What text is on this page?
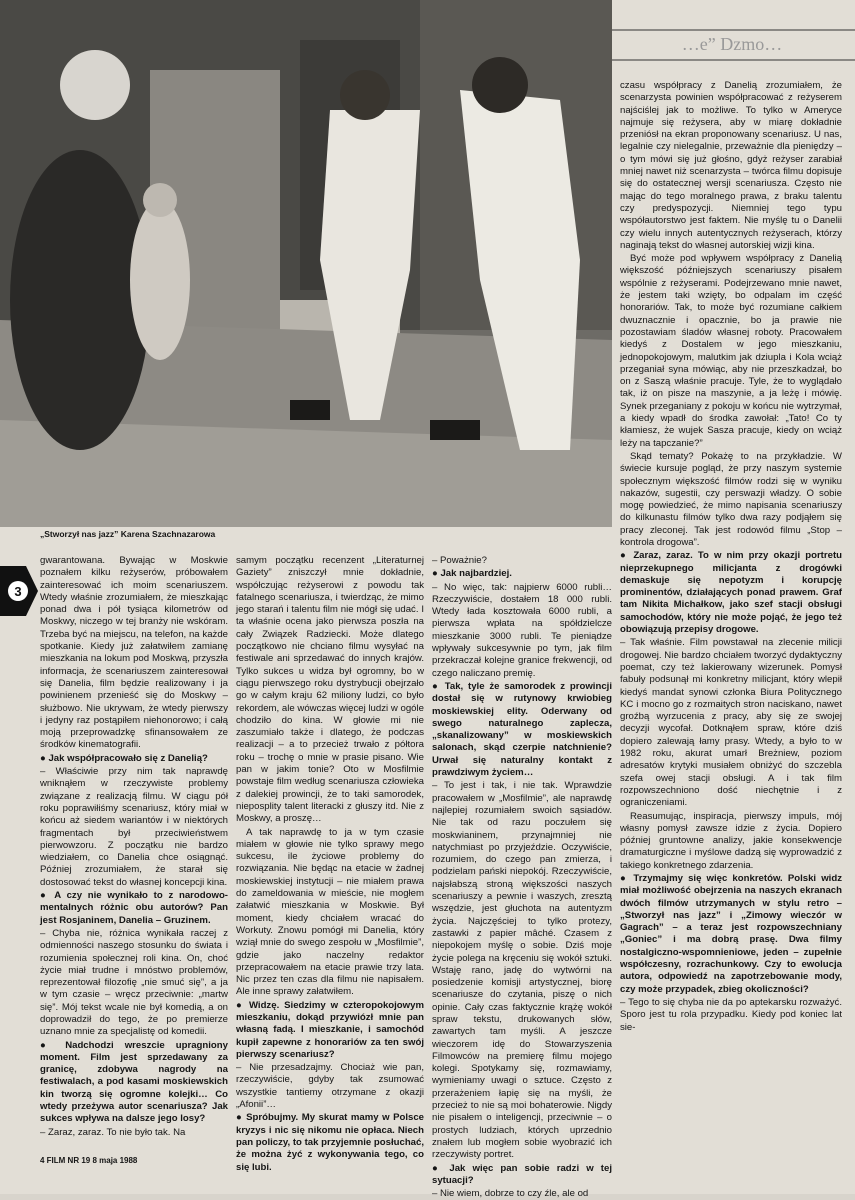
…e” Dzmo…
„Stworzył nas jazz” Karena Szachnazarowa
3

czasu współpracy z Danelią zrozumiałem, że scenarzysta powinien współpracować z reżyserem najściślej jak to możliwe. To tylko w Ameryce najmuje się reżysera, aby w miarę dokładnie przeniósł na ekran proponowany scenariusz. U nas, legalnie czy nielegalnie, przeważnie dla pieniędzy – o tym mówi się już głośno, gdyż reżyser zarabiał mniej nawet niż scenarzysta – twórca filmu dopisuje się do ostatecznej wersji scenariusza. Często nie mając do tego moralnego prawa, z braku talentu czy predyspozycji. Niemniej tego typu współautorstwo jest faktem. Nie myślę tu o Danelii czy wielu innych autentycznych reżyserach, którzy naginają tekst do własnej autorskiej wizji kina.

Być może pod wpływem współpracy z Danelią większość późniejszych scenariuszy pisałem wspólnie z reżyserami. Podejrzewano mnie nawet, że jestem taki wzięty, bo odpalam im część honorariów. Tak, to może być rozumiane całkiem dwuznacznie i opacznie, bo ja prawie nie pozostawiam śladów własnej roboty. Pracowałem kiedyś z Dostalem w jego mieszkaniu, jednopokojowym, malutkim jak dziupla i Kola wciąż przeganiał syna mówiąc, aby nie przeszkadzał, bo on z Saszą właśnie pracuje. Tyle, że to wyglądało tak, iż on pisze na maszynie, a ja leżę i mówię. Synek przeganiany z pokoju w końcu nie wytrzymał, a kiedy wpadł do środka zawołał: „Tato! Co ty kłamiesz, że wujek Sasza pracuje, kiedy on wciąż leży na tapczanie?”

Skąd tematy? Pokażę to na przykładzie. W świecie kursuje pogląd, że przy naszym systemie społecznym większość filmów rodzi się w wyniku nakazów, sugestii, czy perswazji władzy. O sobie mogę powiedzieć, że mimo napisania scenariuszy do kilkunastu filmów tylko dwa razy podjąłem się pracy zleconej. Tak jest rodowód filmu „Stop – kontrola drogowa”.

● Zaraz, zaraz. To w nim przy okazji portretu nieprzekupnego milicjanta z drogówki demaskuje się nepotyzm i korupcję prominentów, działających ponad prawem. Graf tam Nikita Michałkow, jako szef stacji obsługi samochodów, który nie może pojąć, że jego też obowiązują przepisy drogowe.

– Tak właśnie. Film powstawał na zlecenie milicji drogowej. Nie bardzo chciałem tworzyć dydaktyczny poemat, czy też lakierowany wizerunek. Pomysł fabuły podsunął mi konkretny milicjant, który wlepił kiedyś mandat synowi członka Biura Politycznego KC i mocno go z rozmaitych stron naciskano, nawet groźbą wyrzucenia z pracy, aby się ze swojej decyzji wycofał. Dotknąłem spraw, które dziś dopiero zalewają łamy prasy. Wtedy, a było to w 1982 roku, akurat umarł Breżniew, poziom adresatów krytyki musiałem obniżyć do szczebla szefa owej stacji obsługi. A i tak film rozpowszechniono dość niechętnie i z ograniczeniami.

Reasumując, inspiracja, pierwszy impuls, mój własny pomysł zawsze idzie z życia. Dopiero później gruntowne analizy, jakie konsekwencje dramaturgiczne i myślowe dadzą się wyprowadzić z takiego konkretnego zdarzenia.

● Trzymajmy się więc konkretów. Polski widz miał możliwość obejrzenia na naszych ekranach dwóch filmów utrzymanych w stylu retro – „Stworzył nas jazz” i „Zimowy wieczór w Gagrach” – a teraz jest rozpowszechniany „Goniec” i ma dobrą prasę. Dwa filmy nostalgiczno-wspomnieniowe, jeden – zupełnie współczesny, rozrachunkowy. Czy to ewolucja autora, odpowiedź na zapotrzebowanie mody, czy może przypadek, zbieg okoliczności?

– Tego to się chyba nie da po aptekarsku rozważyć. Sporo jest tu rola przypadku. Kiedy pod koniec lat sie-

gwarantowana. Bywając w Moskwie poznałem kilku reżyserów, próbowałem zainteresować ich moim scenariuszem. Wtedy właśnie zrozumiałem, że mieszkając ponad dwa i pół tysiąca kilometrów od Moskwy, niczego w tej branży nie wskóram. Trzeba być na miejscu, na telefon, na każde spotkanie. Kiedy już załatwiłem zamianę mieszkania na lokum pod Moskwą, przyszła informacja, że scenariuszem zainteresował się Danelia, film będzie realizowany i ja powinienem przenieść się do Moskwy – służbowo. Nie ukrywam, że wtedy pierwszy i jedyny raz postąpiłem niehonorowo; i całą moją przeprowadzkę sfinansowałem ze środków kinematografii.

● Jak współpracowało się z Danelią?

– Właściwie przy nim tak naprawdę wniknąłem w rzeczywiste problemy związane z realizacją filmu. W ciągu pół roku poprawiłiśmy scenariusz, który miał w końcu aż siedem wariantów i w niektórych fragmentach był przeciwieństwem pierwowzoru. Z początku nie bardzo wiedziałem, co Danelia chce osiągnąć. Później zrozumiałem, że starał się dostosować tekst do własnej koncepcji kina.

● A czy nie wynikało to z narodowo-mentalnych różnic obu autorów? Pan jest Rosjaninem, Danelia – Gruzinem.

– Chyba nie, różnica wynikała raczej z odmienności naszego stosunku do świata i rozumienia społecznej roli kina. On, choć życie miał trudne i mnóstwo problemów, reprezentował filozofię „nie smuć się”, a ja w tym czasie – wręcz przeciwnie: „martw się”. Mój tekst wcale nie był komedią, a on doprowadził do tego, że po premierze uznano mnie za specjalistę od komedii.

● Nadchodzi wreszcie upragniony moment. Film jest sprzedawany za granicę, zdobywa nagrody na festiwalach, a pod kasami moskiewskich kin tworzą się ogromne kolejki… Co wtedy przeżywa autor scenariusza? Jak sukces wpływa na dalsze jego losy?

– Zaraz, zaraz. To nie było tak. Na

samym początku recenzent „Literaturnej Gaziety” zniszczył mnie dokładnie, współczując reżyserowi z powodu tak fatalnego scenariusza, i twierdząc, że mimo jego starań i talentu film nie mógł się udać. I ta właśnie ocena jako pierwsza poszła na cały Związek Radziecki. Może dlatego początkowo nie chciano filmu wysyłać na festiwale ani sprzedawać do innych krajów. Tylko sukces u widza był ogromny, bo w ciągu pierwszego roku dystrybucji obejrzało go w całym kraju 62 miliony ludzi, co było rekordem, ale wówczas więcej ludzi w ogóle chodziło do kina. W głowie mi nie zaszumiało także i dlatego, że podczas realizacji – a to przecież trwało z półtora roku – trochę o mnie w prasie pisano. Wie pan w jakim tonie? Oto w Mosfilmie powstaje film według scenariusza człowieka z dalekiej prowincji, że to taki samorodek, nieposplity talent literacki z głuszy itd. Nie z Moskwy, a proszę…

A tak naprawdę to ja w tym czasie miałem w głowie nie tylko sprawy mego sukcesu, ile życiowe problemy do rozwiązania. Nie będąc na etacie w żadnej moskiewskiej instytucji – nie miałem prawa do zameldowania w mieście, nie mogłem załatwić mieszkania w Moskwie. Był moment, kiedy chciałem wracać do Workuty. Znowu pomógł mi Danelia, który wziął mnie do swego zespołu w „Mosfilmie”, gdzie jako naczelny redaktor przepracowałem na etacie prawie trzy lata. Nic przez ten czas dla filmu nie napisałem. Ale inne sprawy załatwiłem.

● Widzę. Siedzimy w czteropokojowym mieszkaniu, dokąd przywiózł mnie pan własną fadą. I mieszkanie, i samochód kupił zapewne z honorariów za ten swój pierwszy scenariusz?

– Nie przesadzajmy. Chociaż wie pan, rzeczywiście, gdyby tak zsumować wszystkie tantiemy otrzymane z okazji „Afonii”…

● Spróbujmy. My skurat mamy w Polsce kryzys i nic się nikomu nie opłaca. Niech pan policzy, to tak przyjemnie posłuchać, że można żyć z wykonywania tego, co się lubi.

– Poważnie?

● Jak najbardziej.

– No więc, tak: najpierw 6000 rubli… Rzeczywiście, dostałem 18 000 rubli. Wtedy łada kosztowała 6000 rubli, a pierwsza wpłata na spółdzielcze mieszkanie 3000 rubli. Te pieniądze wpływały sukcesywnie po tym, jak film przekraczał kolejne granice frekwencji, od czego naliczano premię.

● Tak, tyle że samorodek z prowincji dostał się w rutynowy krwiobieg moskiewskiej elity. Oderwany od swego naturalnego zaplecza, „skanalizowany” w moskiewskich salonach, skąd czerpie natchnienie? Urwał się naturalny kontakt z prawdziwym życiem…

– To jest i tak, i nie tak. Wprawdzie pracowałem w „Mosfilmie”, ale naprawdę najlepiej rozumiałem swoich sąsiadów. Nie tak od razu poczułem się moskwianinem, przynajmniej nie natychmiast po przyjeździe. Oczywiście, rozumiem, do czego pan zmierza, i podzielam pański niepokój. Rzeczywiście, najsłabszą stroną większości naszych scenariuszy a pewnie i waszych, zresztą wszędzie, jest głuchota na autentyzm życia. Najczęściej to tylko protezy, zastawki z papier mâché. Czasem z niepokojem myślę o sobie. Dziś moje życie polega na kręceniu się wokół sztuki. Wstaję rano, jadę do wytwórni na posiedzenie komisji artystycznej, biorę scenariusze do czytania, piszę o nich opinie. Cały czas faktycznie krążę wokół spraw tekstu, drukowanych słów, zawartych tam myśli. A jeszcze wieczorem idę do Stowarzyszenia Filmowców na premierę filmu mojego kolegi. Spotykamy się, rozmawiamy, wymieniamy uwagi o sztuce. Często z przerażeniem łapię się na myśli, że przecież to nie są moi bohaterowie. Nigdy nie pisałem o inteligencji, przeciwnie – o prostych ludziach, których uprzednio znałem lub mogłem sobie wyobrazić ich rzeczywisty portret.

● Jak więc pan sobie radzi w tej sytuacji?

– Nie wiem, dobrze to czy źle, ale od

4 FILM NR 19 8 maja 1988
